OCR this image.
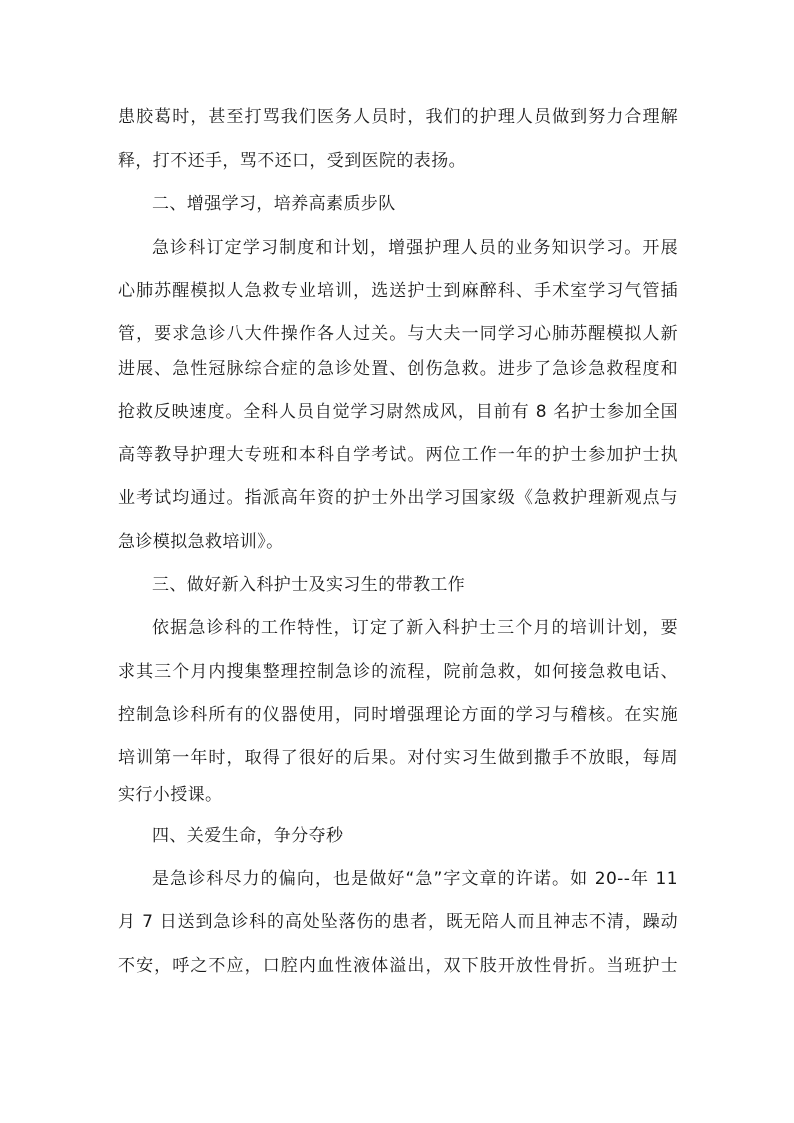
患胶葛时，甚至打骂我们医务人员时，我们的护理人员做到努力合理解
释，打不还手，骂不还口，受到医院的表扬。
二、增强学习，培养高素质步队
急诊科订定学习制度和计划，增强护理人员的业务知识学习。开展
心肺苏醒模拟人急救专业培训，选送护士到麻醉科、手术室学习气管插
管，要求急诊八大件操作各人过关。与大夫一同学习心肺苏醒模拟人新
进展、急性冠脉综合症的急诊处置、创伤急救。进步了急诊急救程度和
抢救反映速度。全科人员自觉学习尉然成风，目前有 8 名护士参加全国
高等教导护理大专班和本科自学考试。两位工作一年的护士参加护士执
业考试均通过。指派高年资的护士外出学习国家级《急救护理新观点与
急诊模拟急救培训》。
三、做好新入科护士及实习生的带教工作
依据急诊科的工作特性，订定了新入科护士三个月的培训计划，要
求其三个月内搜集整理控制急诊的流程，院前急救，如何接急救电话、
控制急诊科所有的仪器使用，同时增强理论方面的学习与稽核。在实施
培训第一年时，取得了很好的后果。对付实习生做到撒手不放眼，每周
实行小授课。
四、关爱生命，争分夺秒
是急诊科尽力的偏向，也是做好“急”字文章的许诺。如 20--年 11
月 7 日送到急诊科的高处坠落伤的患者，既无陪人而且神志不清，躁动
不安，呼之不应，口腔内血性液体溢出，双下肢开放性骨折。当班护士
